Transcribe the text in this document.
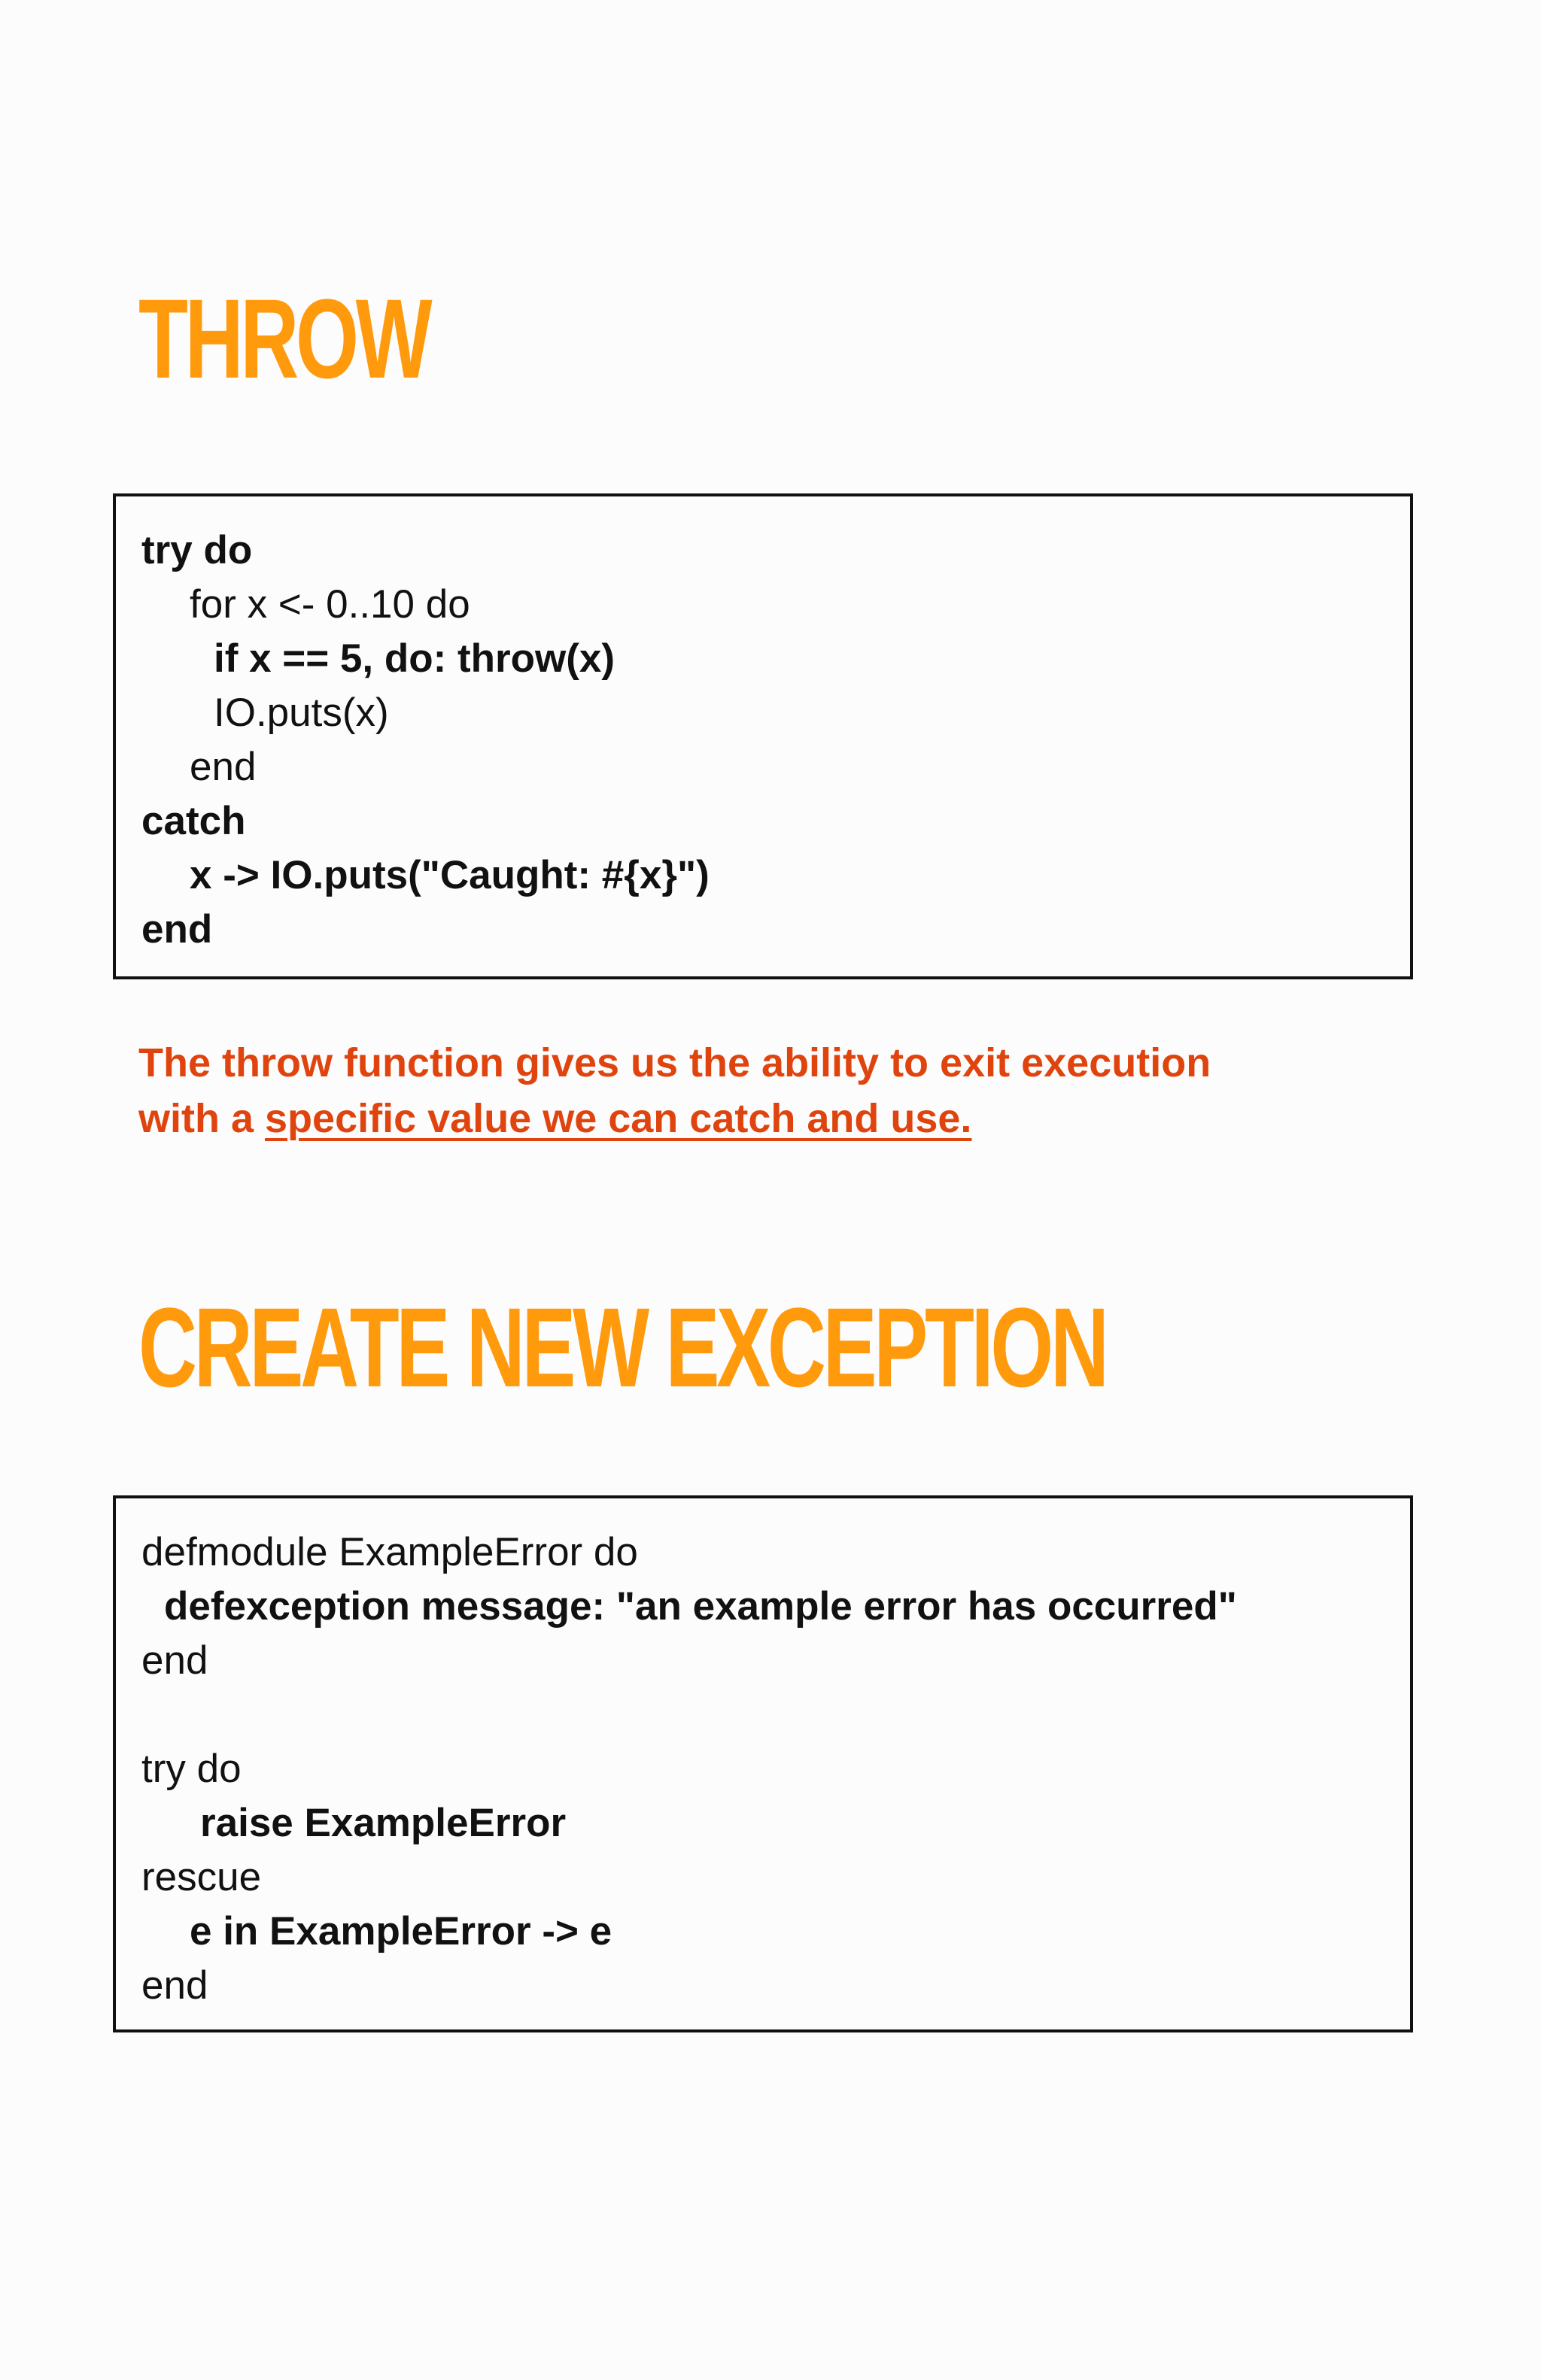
THROW
try do
for x <- 0..10 do
if x == 5, do: throw(x)
IO.puts(x)
end
catch
x -> IO.puts("Caught: #{x}")
end

The throw function gives us the ability to exit execution
with a specific value we can catch and use.

CREATE NEW EXCEPTION
defmodule ExampleError do
defexception message: "an example error has occurred"
end
try do
raise ExampleError
rescue
e in ExampleError -> e
end
